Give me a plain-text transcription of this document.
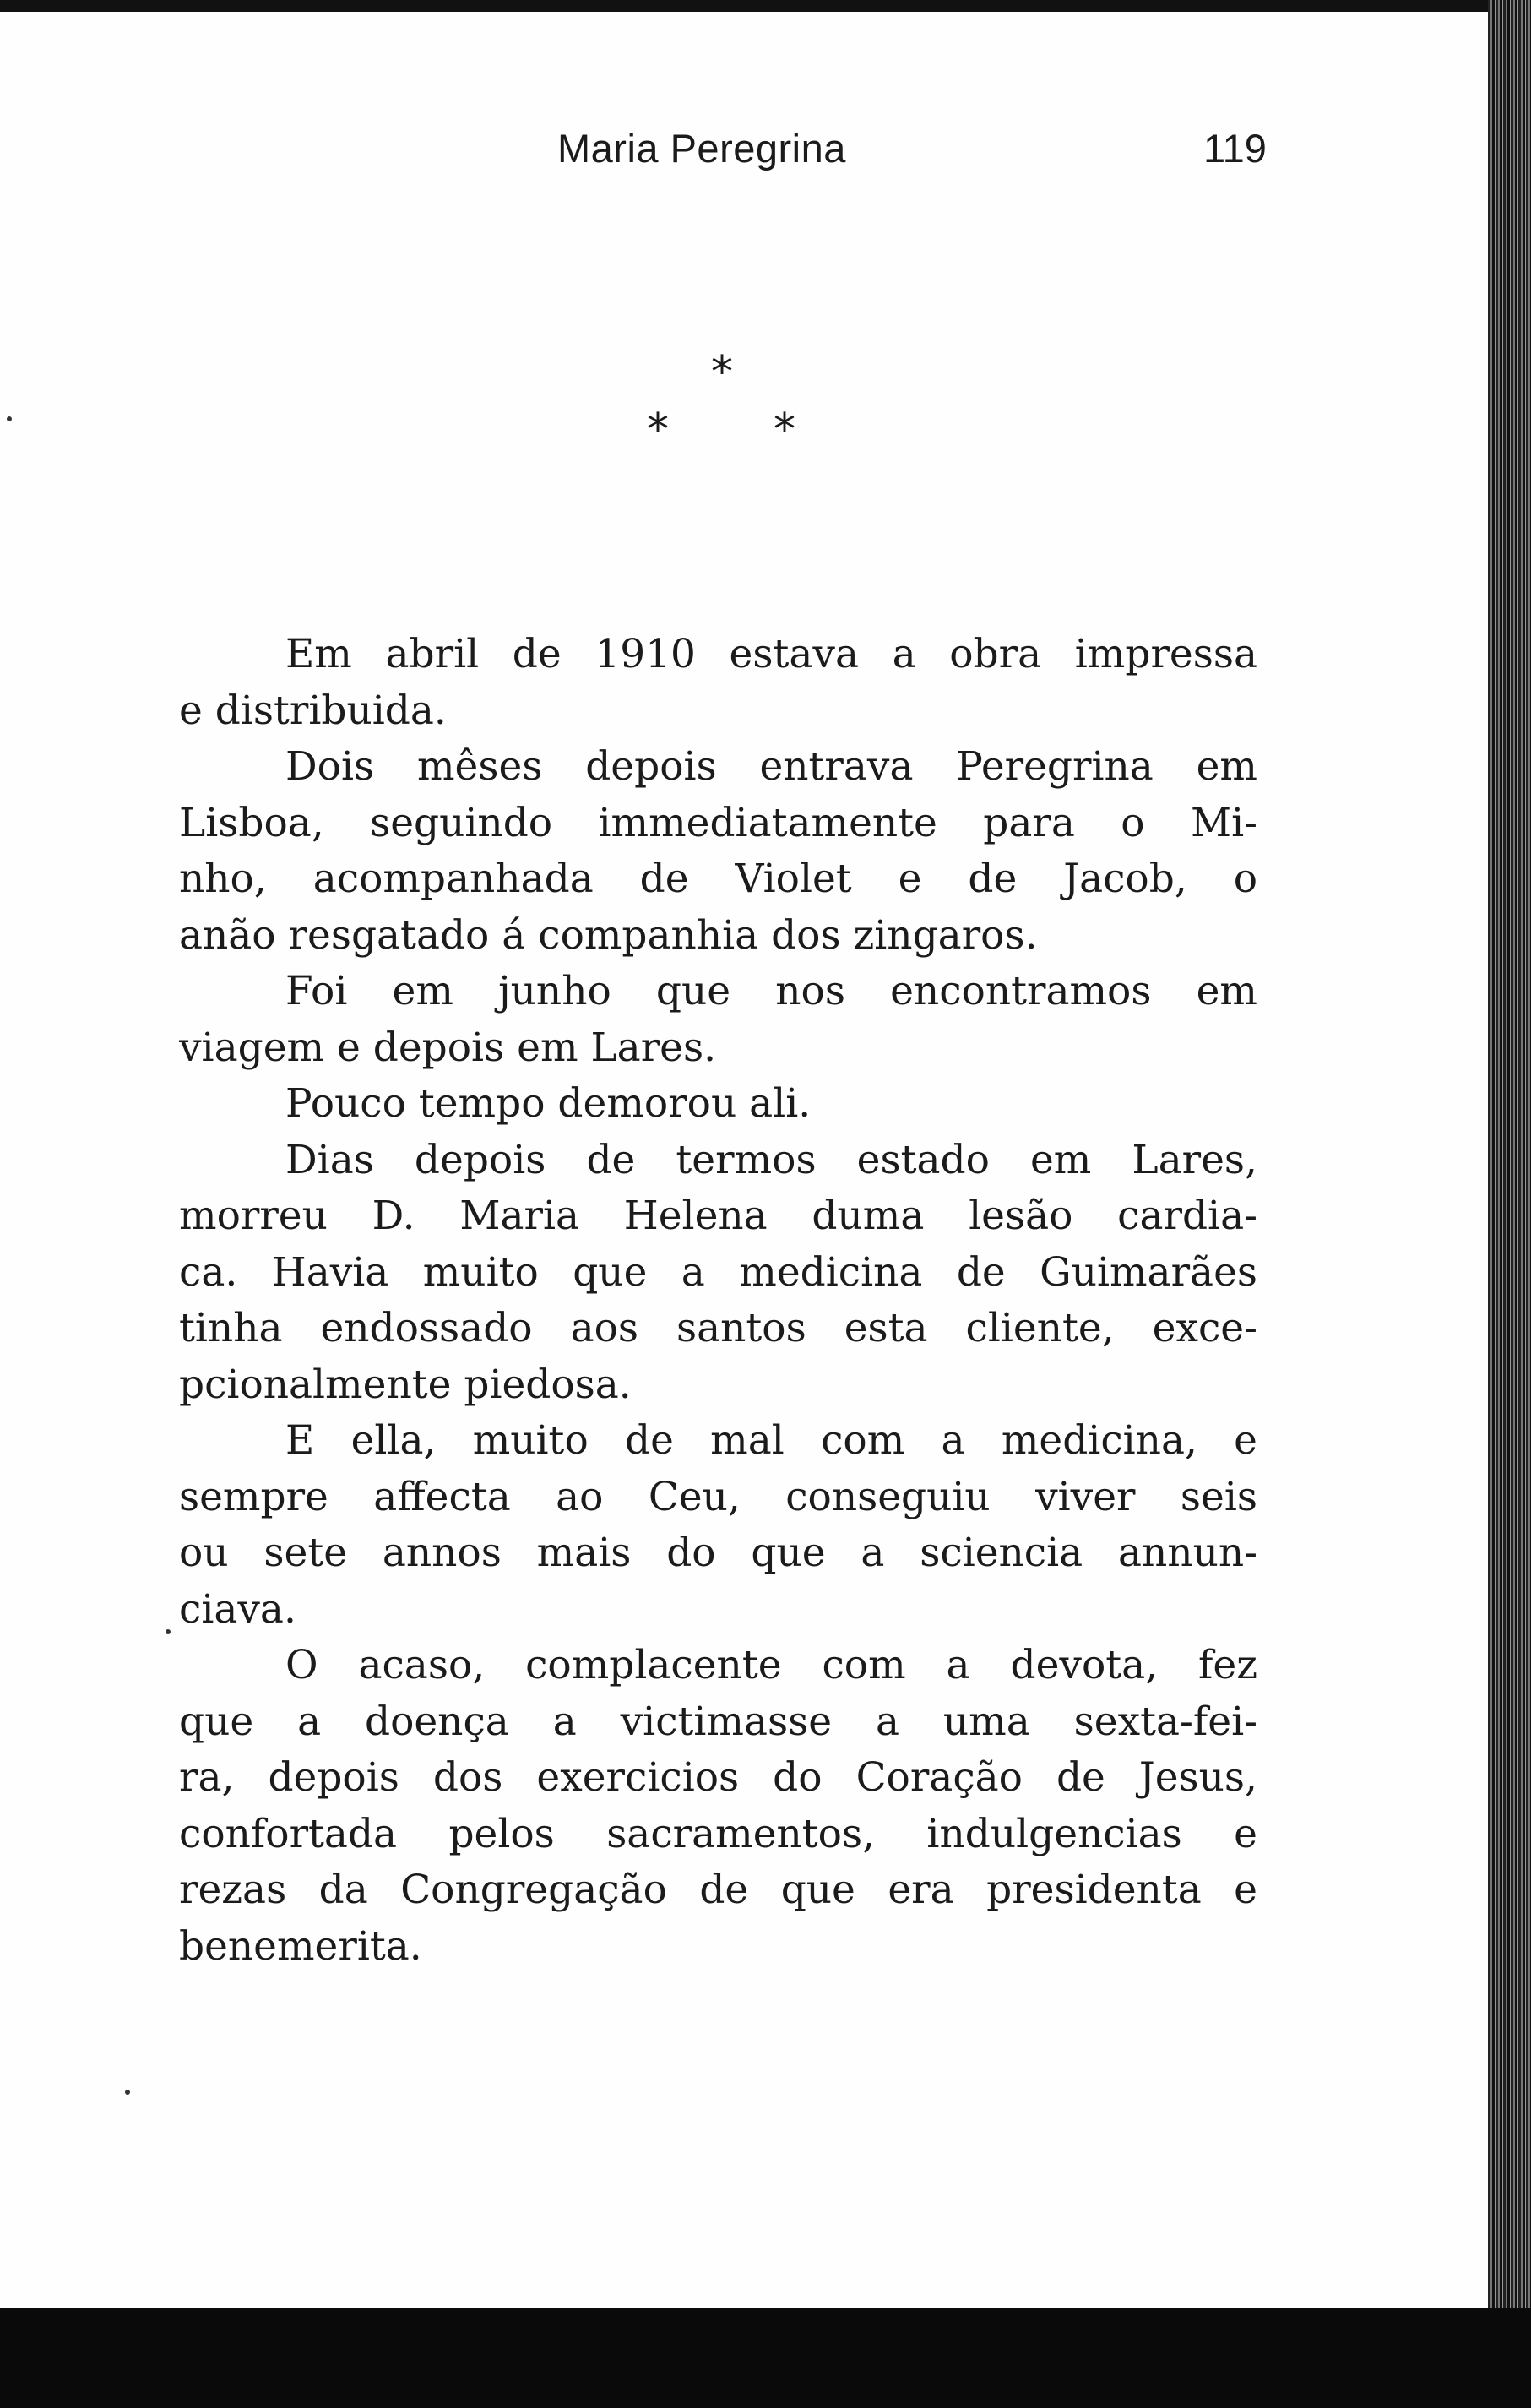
Maria Peregrina	119
*
* *
Em abril de 1910 estava a obra impressa
e distribuida.
Dois mêses depois entrava Peregrina em
Lisboa, seguindo immediatamente para o Mi-
nho, acompanhada de Violet e de Jacob, o
anão resgatado á companhia dos zingaros.
Foi em junho que nos encontramos em
viagem e depois em Lares.
Pouco tempo demorou ali.
Dias depois de termos estado em Lares,
morreu D. Maria Helena duma lesão cardia-
ca. Havia muito que a medicina de Guimarães
tinha endossado aos santos esta cliente, exce-
pcionalmente piedosa.
E ella, muito de mal com a medicina, e
sempre affecta ao Ceu, conseguiu viver seis
ou sete annos mais do que a sciencia annun-
ciava.
O acaso, complacente com a devota, fez
que a doença a victimasse a uma sexta-fei-
ra, depois dos exercicios do Coração de Jesus,
confortada pelos sacramentos, indulgencias e
rezas da Congregação de que era presidenta e
benemerita.
